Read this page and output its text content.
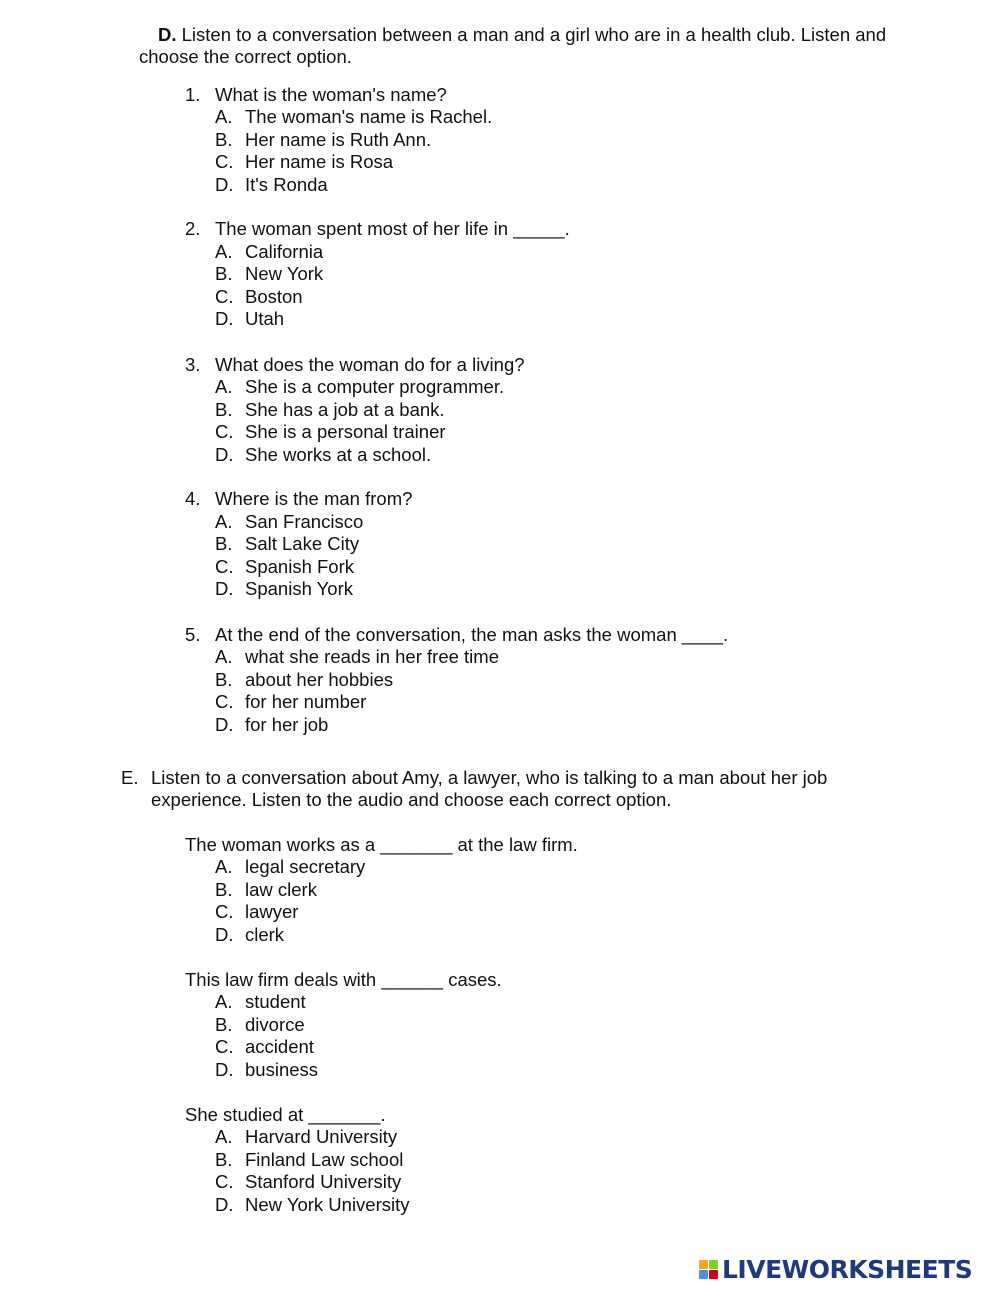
D. Listen to a conversation between a man and a girl who are in a health club. Listen and
choose the correct option.
1. What is the woman's name?
A. The woman's name is Rachel.
B. Her name is Ruth Ann.
C. Her name is Rosa
D. It's Ronda
2. The woman spent most of her life in _____.
A. California
B. New York
C. Boston
D. Utah
3. What does the woman do for a living?
A. She is a computer programmer.
B. She has a job at a bank.
C. She is a personal trainer
D. She works at a school.
4. Where is the man from?
A. San Francisco
B. Salt Lake City
C. Spanish Fork
D. Spanish York
5. At the end of the conversation, the man asks the woman ____.
A. what she reads in her free time
B. about her hobbies
C. for her number
D. for her job
E. Listen to a conversation about Amy, a lawyer, who is talking to a man about her job
experience. Listen to the audio and choose each correct option.
The woman works as a _______ at the law firm.
A. legal secretary
B. law clerk
C. lawyer
D. clerk
This law firm deals with ______ cases.
A. student
B. divorce
C. accident
D. business
She studied at _______.
A. Harvard University
B. Finland Law school
C. Stanford University
D. New York University
LIVEWORKSHEETS
